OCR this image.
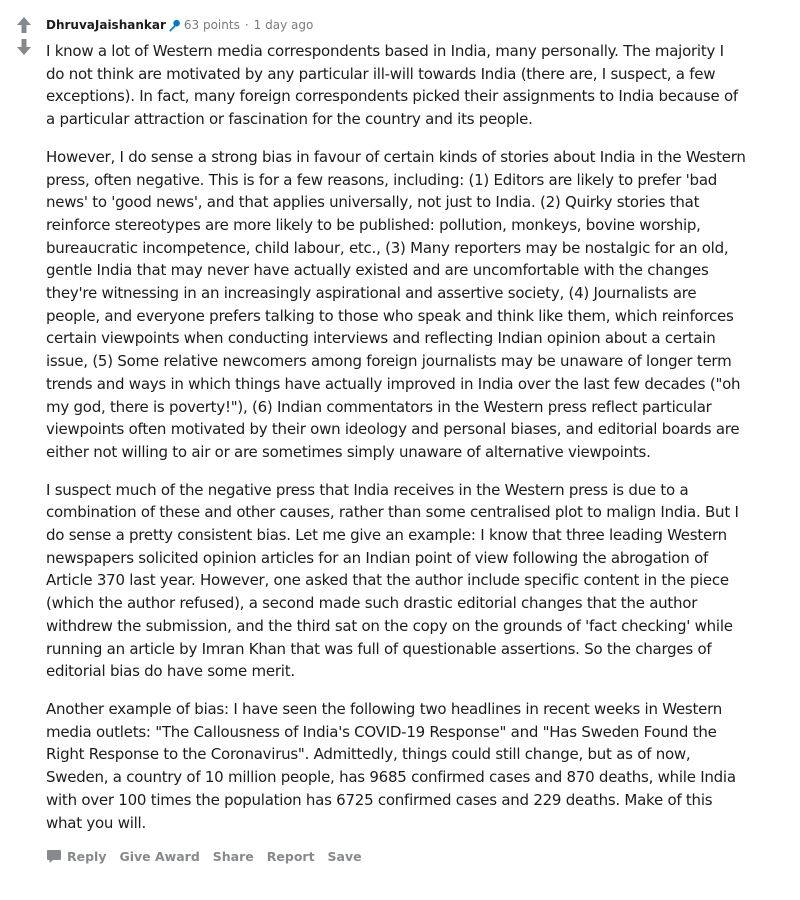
DhruvaJaishankar 63 points · 1 day ago

I know a lot of Western media correspondents based in India, many personally. The majority I do not think are motivated by any particular ill-will towards India (there are, I suspect, a few exceptions). In fact, many foreign correspondents picked their assignments to India because of a particular attraction or fascination for the country and its people.

However, I do sense a strong bias in favour of certain kinds of stories about India in the Western press, often negative. This is for a few reasons, including: (1) Editors are likely to prefer 'bad news' to 'good news', and that applies universally, not just to India. (2) Quirky stories that reinforce stereotypes are more likely to be published: pollution, monkeys, bovine worship, bureaucratic incompetence, child labour, etc., (3) Many reporters may be nostalgic for an old, gentle India that may never have actually existed and are uncomfortable with the changes they're witnessing in an increasingly aspirational and assertive society, (4) Journalists are people, and everyone prefers talking to those who speak and think like them, which reinforces certain viewpoints when conducting interviews and reflecting Indian opinion about a certain issue, (5) Some relative newcomers among foreign journalists may be unaware of longer term trends and ways in which things have actually improved in India over the last few decades ("oh my god, there is poverty!"), (6) Indian commentators in the Western press reflect particular viewpoints often motivated by their own ideology and personal biases, and editorial boards are either not willing to air or are sometimes simply unaware of alternative viewpoints.

I suspect much of the negative press that India receives in the Western press is due to a combination of these and other causes, rather than some centralised plot to malign India. But I do sense a pretty consistent bias. Let me give an example: I know that three leading Western newspapers solicited opinion articles for an Indian point of view following the abrogation of Article 370 last year. However, one asked that the author include specific content in the piece (which the author refused), a second made such drastic editorial changes that the author withdrew the submission, and the third sat on the copy on the grounds of 'fact checking' while running an article by Imran Khan that was full of questionable assertions. So the charges of editorial bias do have some merit.

Another example of bias: I have seen the following two headlines in recent weeks in Western media outlets: "The Callousness of India's COVID-19 Response" and "Has Sweden Found the Right Response to the Coronavirus". Admittedly, things could still change, but as of now, Sweden, a country of 10 million people, has 9685 confirmed cases and 870 deaths, while India with over 100 times the population has 6725 confirmed cases and 229 deaths. Make of this what you will.

Reply Give Award Share Report Save
